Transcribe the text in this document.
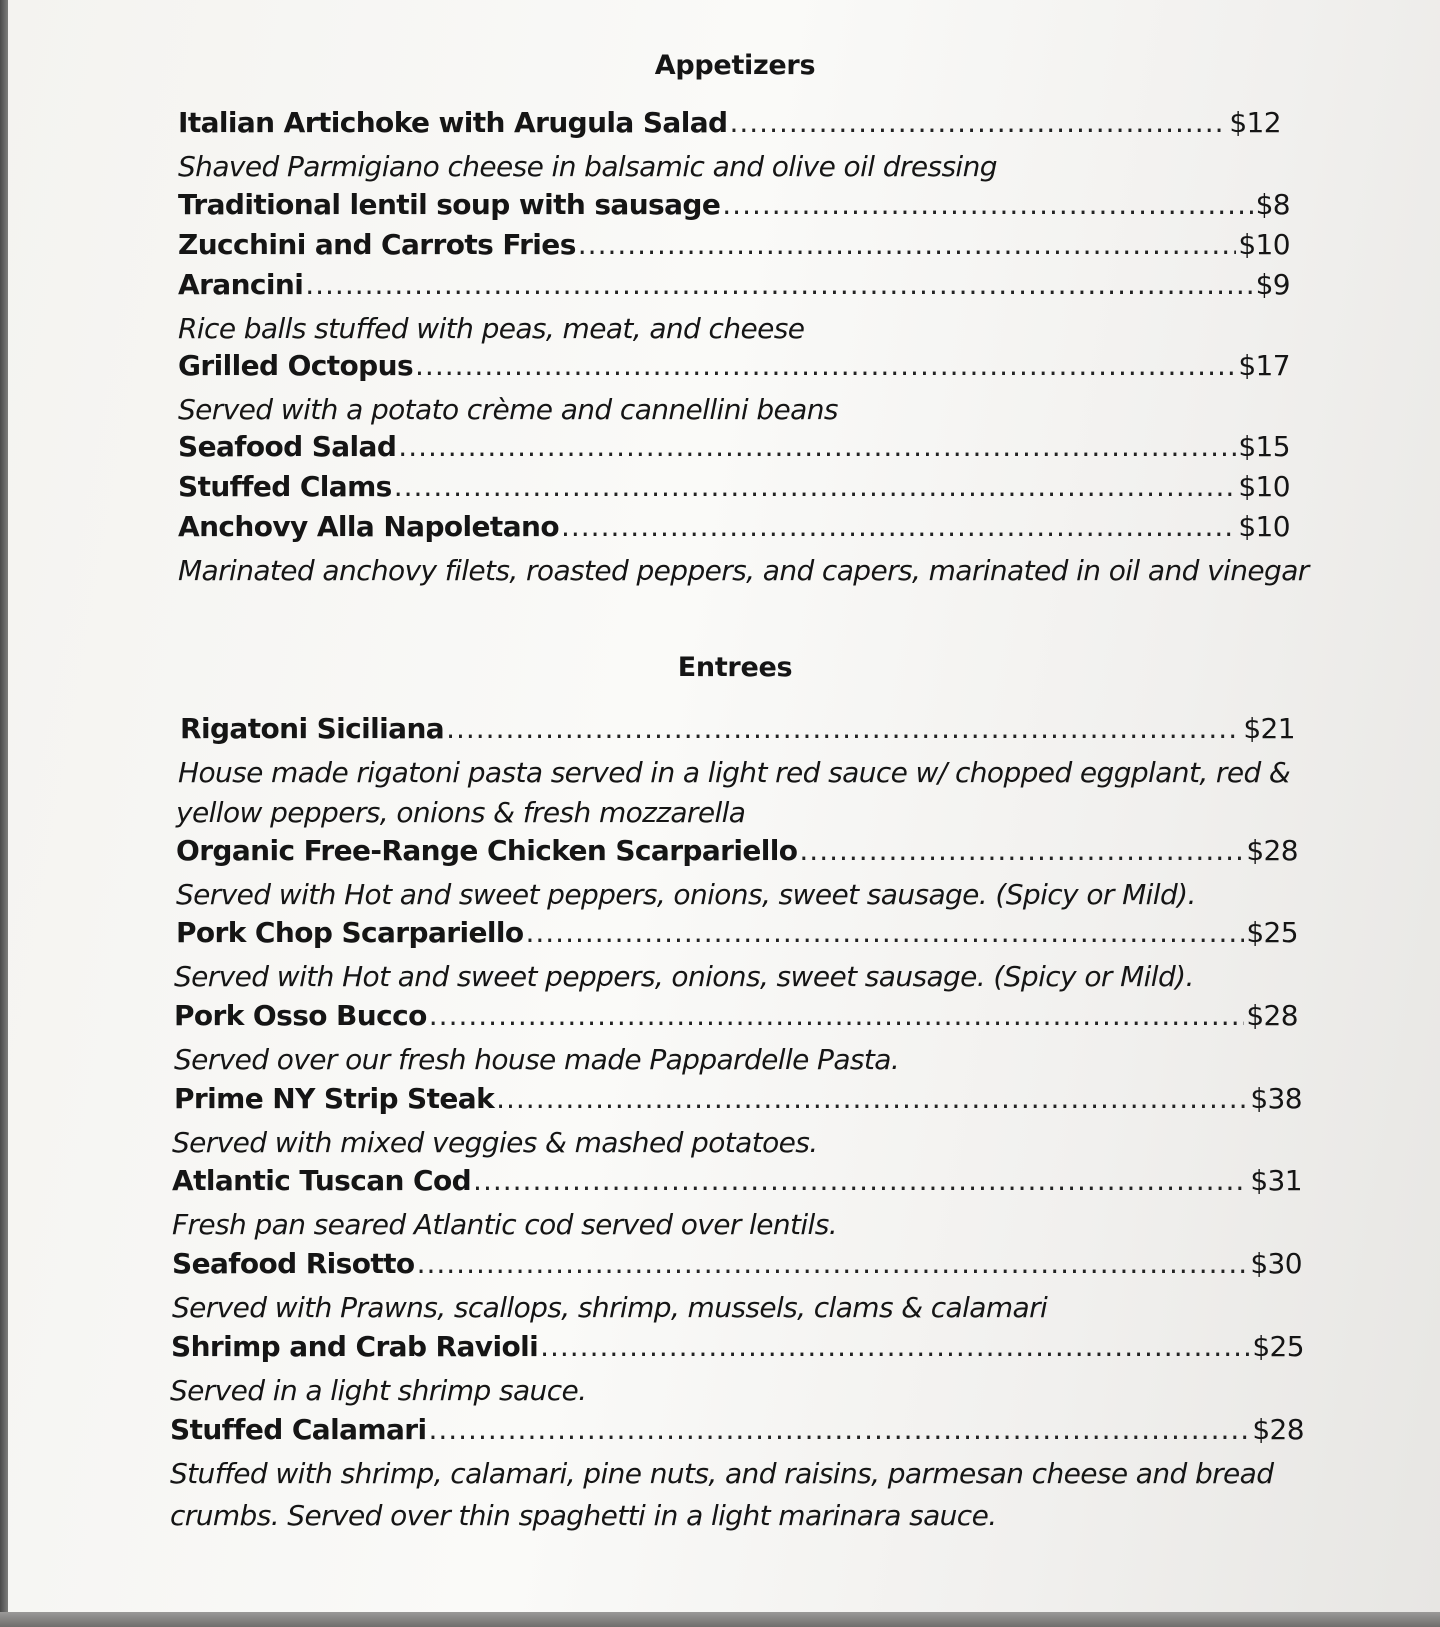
Appetizers
Italian Artichoke with Arugula Salad .....	$12
Shaved Parmigiano cheese in balsamic and olive oil dressing
Traditional lentil soup with sausage .....	$8
Zucchini and Carrots Fries .....	$10
Arancini .....	$9
Rice balls stuffed with peas, meat, and cheese
Grilled Octopus .....	$17
Served with a potato crème and cannellini beans
Seafood Salad .....	$15
Stuffed Clams .....	$10
Anchovy Alla Napoletano .....	$10
Marinated anchovy filets, roasted peppers, and capers, marinated in oil and vinegar
Entrees
Rigatoni Siciliana .....	$21
House made rigatoni pasta served in a light red sauce w/ chopped eggplant, red &
yellow peppers, onions & fresh mozzarella
Organic Free-Range Chicken Scarpariello .....	$28
Served with Hot and sweet peppers, onions, sweet sausage. (Spicy or Mild).
Pork Chop Scarpariello .....	$25
Served with Hot and sweet peppers, onions, sweet sausage. (Spicy or Mild).
Pork Osso Bucco .....	$28
Served over our fresh house made Pappardelle Pasta.
Prime NY Strip Steak .....	$38
Served with mixed veggies & mashed potatoes.
Atlantic Tuscan Cod .....	$31
Fresh pan seared Atlantic cod served over lentils.
Seafood Risotto .....	$30
Served with Prawns, scallops, shrimp, mussels, clams & calamari
Shrimp and Crab Ravioli .....	$25
Served in a light shrimp sauce.
Stuffed Calamari .....	$28
Stuffed with shrimp, calamari, pine nuts, and raisins, parmesan cheese and bread
crumbs. Served over thin spaghetti in a light marinara sauce.
